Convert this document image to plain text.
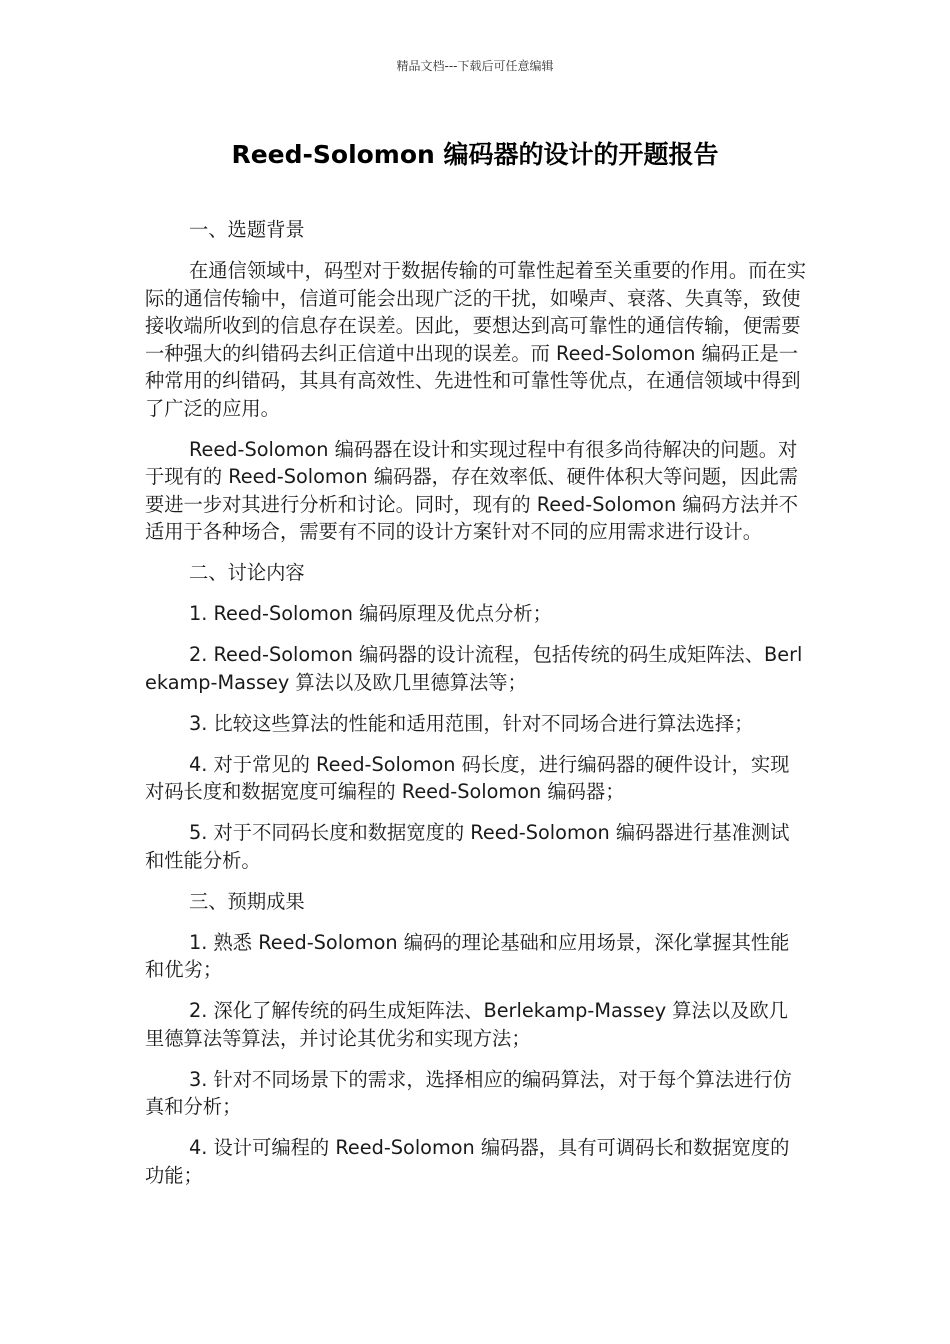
精品文档---下载后可任意编辑
Reed-Solomon 编码器的设计的开题报告
一、选题背景

在通信领域中，码型对于数据传输的可靠性起着至关重要的作用。而在实际的通信传输中，信道可能会出现广泛的干扰，如噪声、衰落、失真等，致使接收端所收到的信息存在误差。因此，要想达到高可靠性的通信传输，便需要一种强大的纠错码去纠正信道中出现的误差。而 Reed-Solomon 编码正是一种常用的纠错码，其具有高效性、先进性和可靠性等优点，在通信领域中得到了广泛的应用。

Reed-Solomon 编码器在设计和实现过程中有很多尚待解决的问题。对于现有的 Reed-Solomon 编码器，存在效率低、硬件体积大等问题，因此需要进一步对其进行分析和讨论。同时，现有的 Reed-Solomon 编码方法并不适用于各种场合，需要有不同的设计方案针对不同的应用需求进行设计。

二、讨论内容

1. Reed-Solomon 编码原理及优点分析；

2. Reed-Solomon 编码器的设计流程，包括传统的码生成矩阵法、Berlekamp-Massey 算法以及欧几里德算法等；

3. 比较这些算法的性能和适用范围，针对不同场合进行算法选择；

4. 对于常见的 Reed-Solomon 码长度，进行编码器的硬件设计，实现对码长度和数据宽度可编程的 Reed-Solomon 编码器；

5. 对于不同码长度和数据宽度的 Reed-Solomon 编码器进行基准测试和性能分析。

三、预期成果

1. 熟悉 Reed-Solomon 编码的理论基础和应用场景，深化掌握其性能和优劣；

2. 深化了解传统的码生成矩阵法、Berlekamp-Massey 算法以及欧几里德算法等算法，并讨论其优劣和实现方法；

3. 针对不同场景下的需求，选择相应的编码算法，对于每个算法进行仿真和分析；

4. 设计可编程的 Reed-Solomon 编码器，具有可调码长和数据宽度的功能；
